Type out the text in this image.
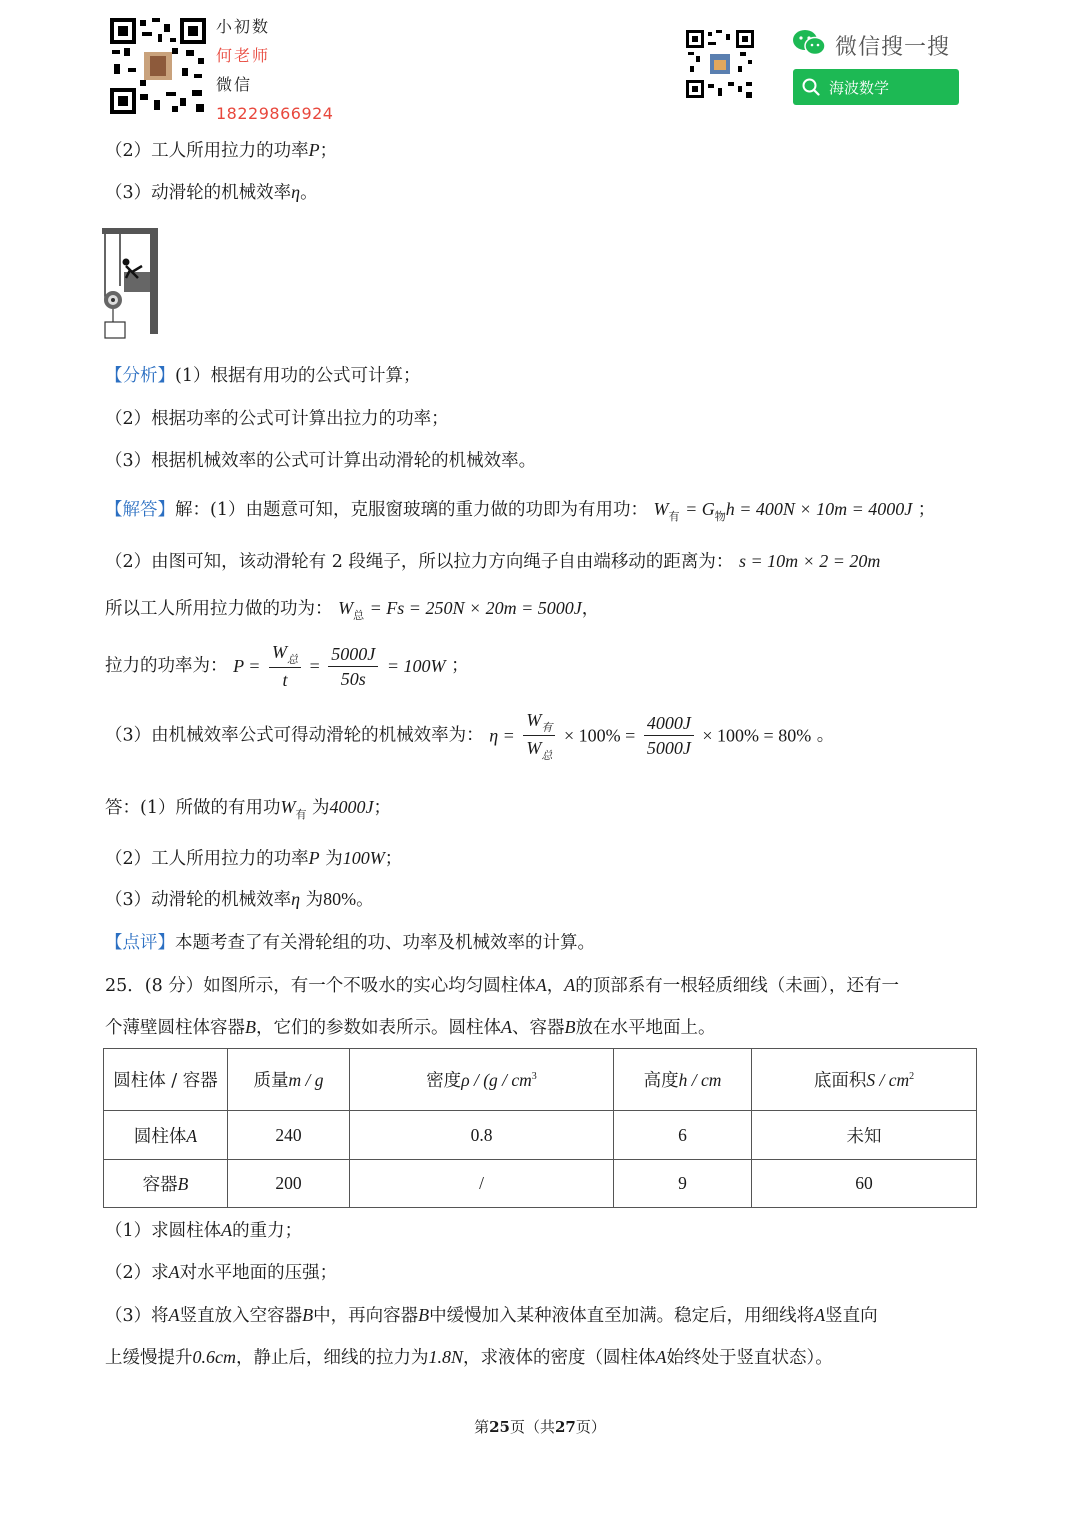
小初数
何老师
微信
18229866924
微信搜一搜
海波数学
（2）工人所用拉力的功率P；
（3）动滑轮的机械效率η。
【分析】(1）根据有用功的公式可计算；
（2）根据功率的公式可计算出拉力的功率；
（3）根据机械效率的公式可计算出动滑轮的机械效率。
【解答】解：(1）由题意可知，克服窗玻璃的重力做的功即为有用功： $W_有 = G_物h = 400N \times 10m = 4000J$ ；
（2）由图可知，该动滑轮有 2 段绳子，所以拉力方向绳子自由端移动的距离为： s = 10m × 2 = 20m
所以工人所用拉力做的功为： $W_总 = Fs = 250N \times 20m = 5000J$，
拉力的功率为： $P = \frac{W_总}{t} = \frac{5000J}{50s} = 100W$ ；
（3）由机械效率公式可得动滑轮的机械效率为： $\eta = \frac{W_有}{W_总} \times 100\% = \frac{4000J}{5000J} \times 100\% = 80\%$ 。
答：(1）所做的有用功$W_有$ 为4000J；
（2）工人所用拉力的功率P 为100W；
（3）动滑轮的机械效率η 为80%。
【点评】本题考查了有关滑轮组的功、功率及机械效率的计算。
25．(8 分）如图所示，有一个不吸水的实心均匀圆柱体A，A的顶部系有一根轻质细线（未画），还有一
个薄壁圆柱体容器B，它们的参数如表所示。圆柱体A、容器B放在水平地面上。
圆柱体 / 容器	质量m / g	密度ρ / ($g / cm^3$	高度h / cm	底面积S / $cm^2$
圆柱体A	240	0.8	6	未知
容器B	200	/	9	60
（1）求圆柱体A的重力；
（2）求A对水平地面的压强；
（3）将A竖直放入空容器B中，再向容器B中缓慢加入某种液体直至加满。稳定后，用细线将A竖直向
上缓慢提升0.6cm，静止后，细线的拉力为1.8N，求液体的密度（圆柱体A始终处于竖直状态）。
第25页（共27页）
